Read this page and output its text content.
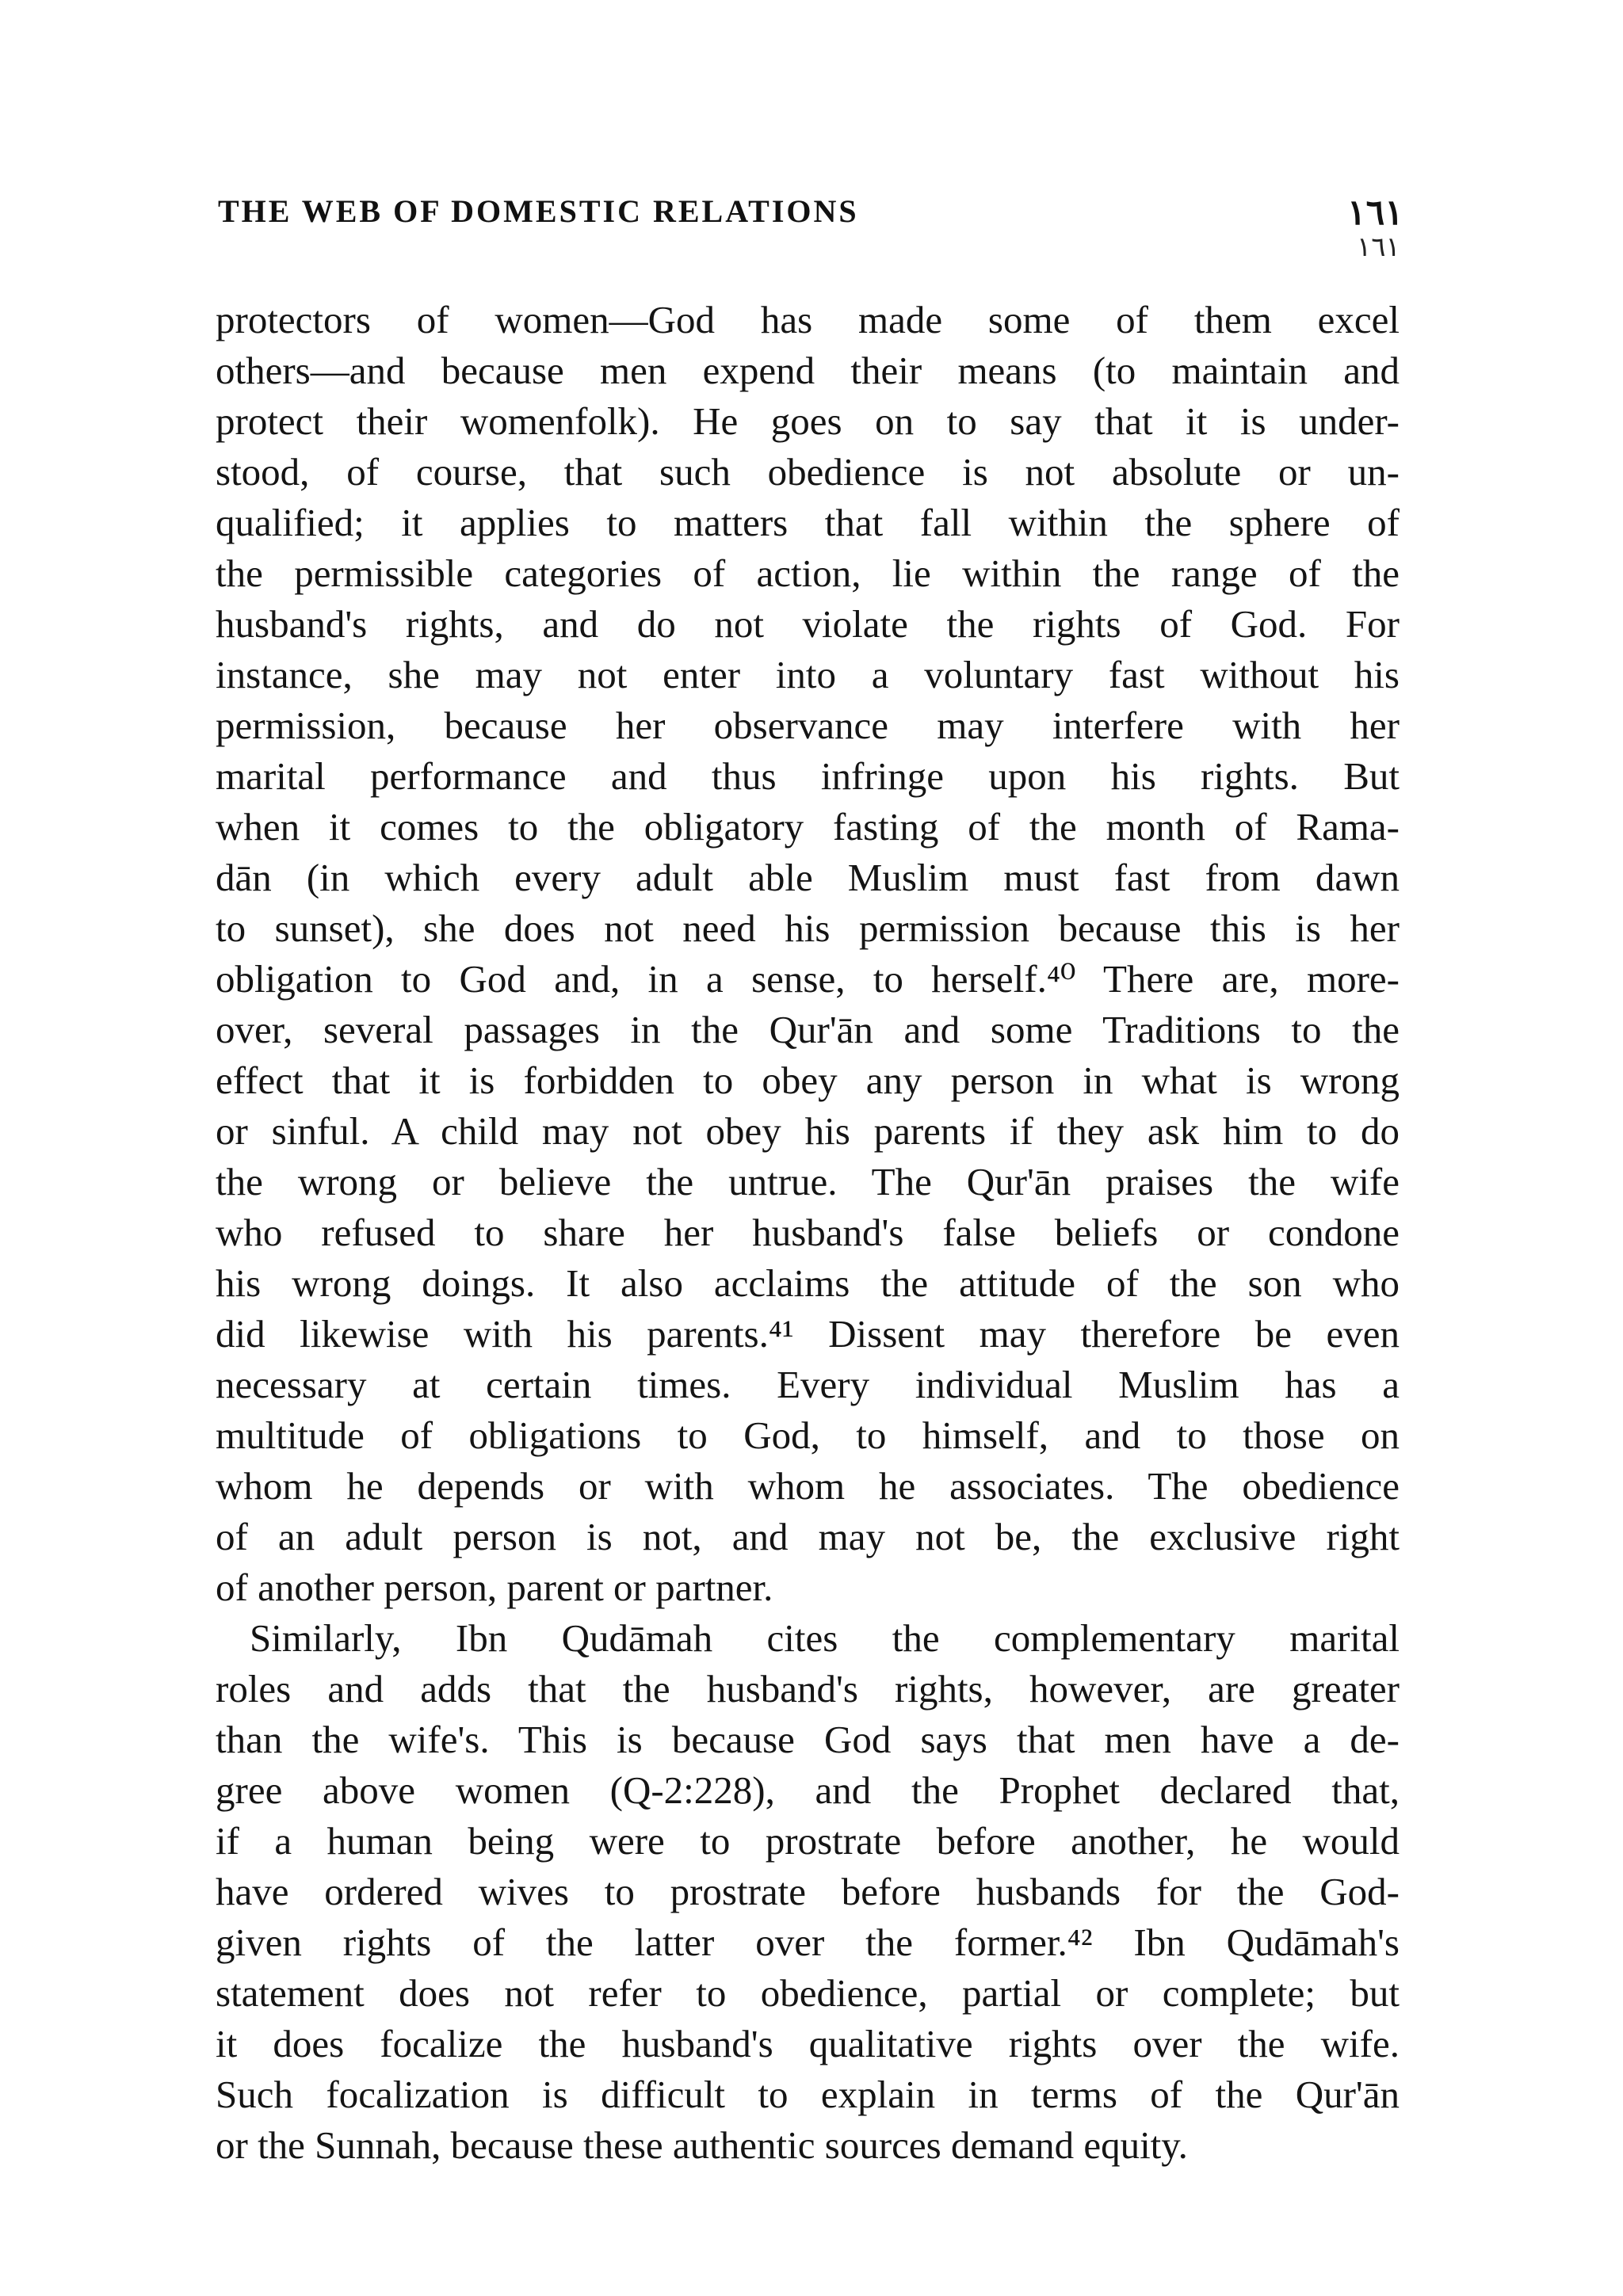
THE WEB OF DOMESTIC RELATIONS	۱٦۱
١٦١
protectors of women—God has made some of them excel
others—and because men expend their means (to maintain and
protect their womenfolk). He goes on to say that it is under-
stood, of course, that such obedience is not absolute or un-
qualified; it applies to matters that fall within the sphere of
the permissible categories of action, lie within the range of the
husband's rights, and do not violate the rights of God. For
instance, she may not enter into a voluntary fast without his
permission, because her observance may interfere with her
marital performance and thus infringe upon his rights. But
when it comes to the obligatory fasting of the month of Rama-
dān (in which every adult able Muslim must fast from dawn
to sunset), she does not need his permission because this is her
obligation to God and, in a sense, to herself.⁴⁰ There are, more-
over, several passages in the Qur'ān and some Traditions to the
effect that it is forbidden to obey any person in what is wrong
or sinful. A child may not obey his parents if they ask him to do
the wrong or believe the untrue. The Qur'ān praises the wife
who refused to share her husband's false beliefs or condone
his wrong doings. It also acclaims the attitude of the son who
did likewise with his parents.⁴¹ Dissent may therefore be even
necessary at certain times. Every individual Muslim has a
multitude of obligations to God, to himself, and to those on
whom he depends or with whom he associates. The obedience
of an adult person is not, and may not be, the exclusive right
of another person, parent or partner.
Similarly, Ibn Qudāmah cites the complementary marital
roles and adds that the husband's rights, however, are greater
than the wife's. This is because God says that men have a de-
gree above women (Q-2:228), and the Prophet declared that,
if a human being were to prostrate before another, he would
have ordered wives to prostrate before husbands for the God-
given rights of the latter over the former.⁴² Ibn Qudāmah's
statement does not refer to obedience, partial or complete; but
it does focalize the husband's qualitative rights over the wife.
Such focalization is difficult to explain in terms of the Qur'ān
or the Sunnah, because these authentic sources demand equity.
